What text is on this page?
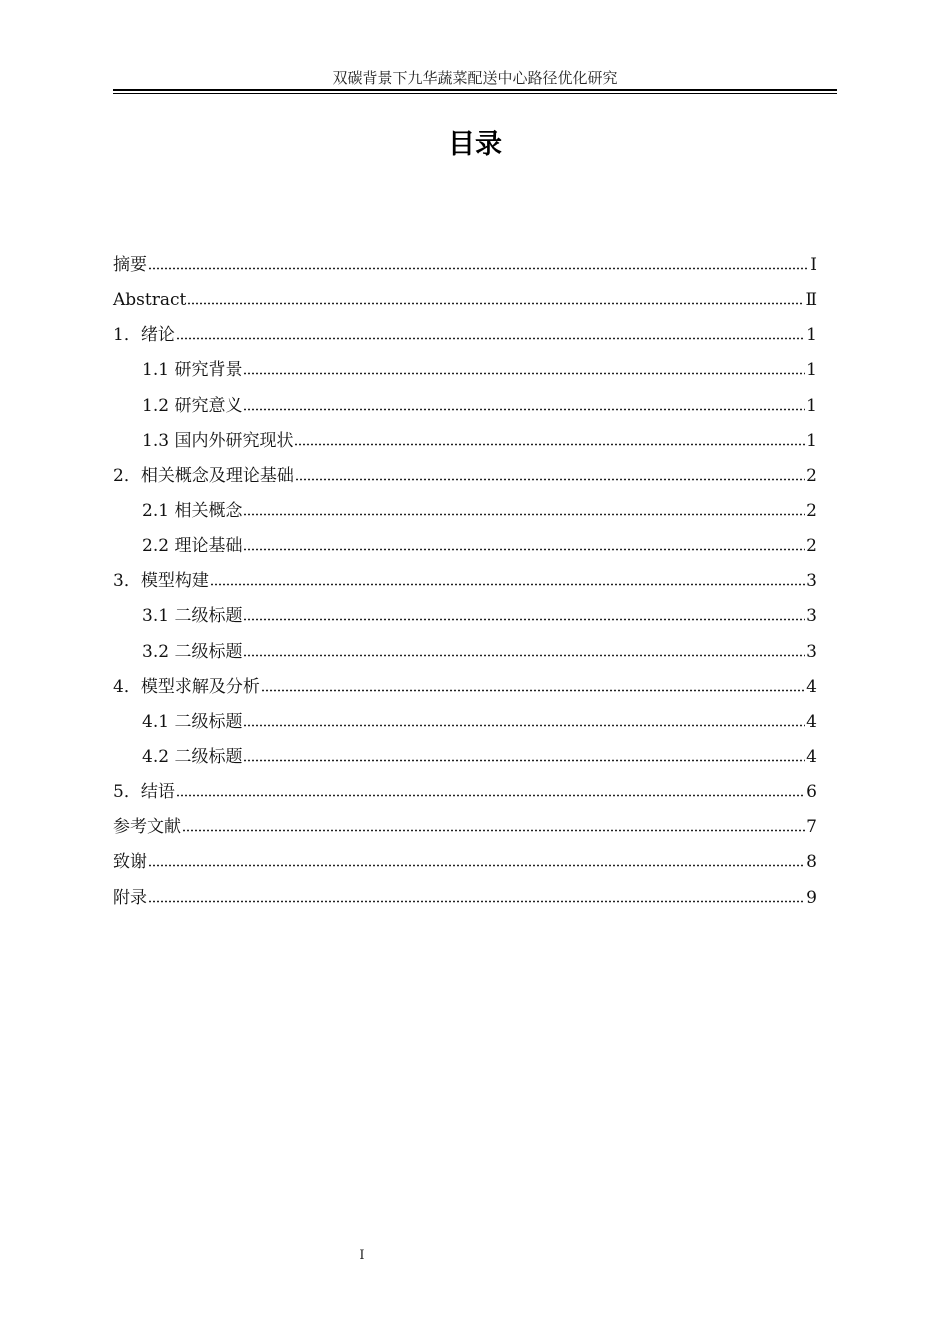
双碳背景下九华蔬菜配送中心路径优化研究
目录
摘要	I
Abstract	Ⅱ
1．绪论	1
1.1 研究背景	1
1.2 研究意义	1
1.3 国内外研究现状	1
2．相关概念及理论基础	2
2.1 相关概念	2
2.2 理论基础	2
3．模型构建	3
3.1 二级标题	3
3.2 二级标题	3
4．模型求解及分析	4
4.1 二级标题	4
4.2 二级标题	4
5．结语	6
参考文献	7
致谢	8
附录	9
I
